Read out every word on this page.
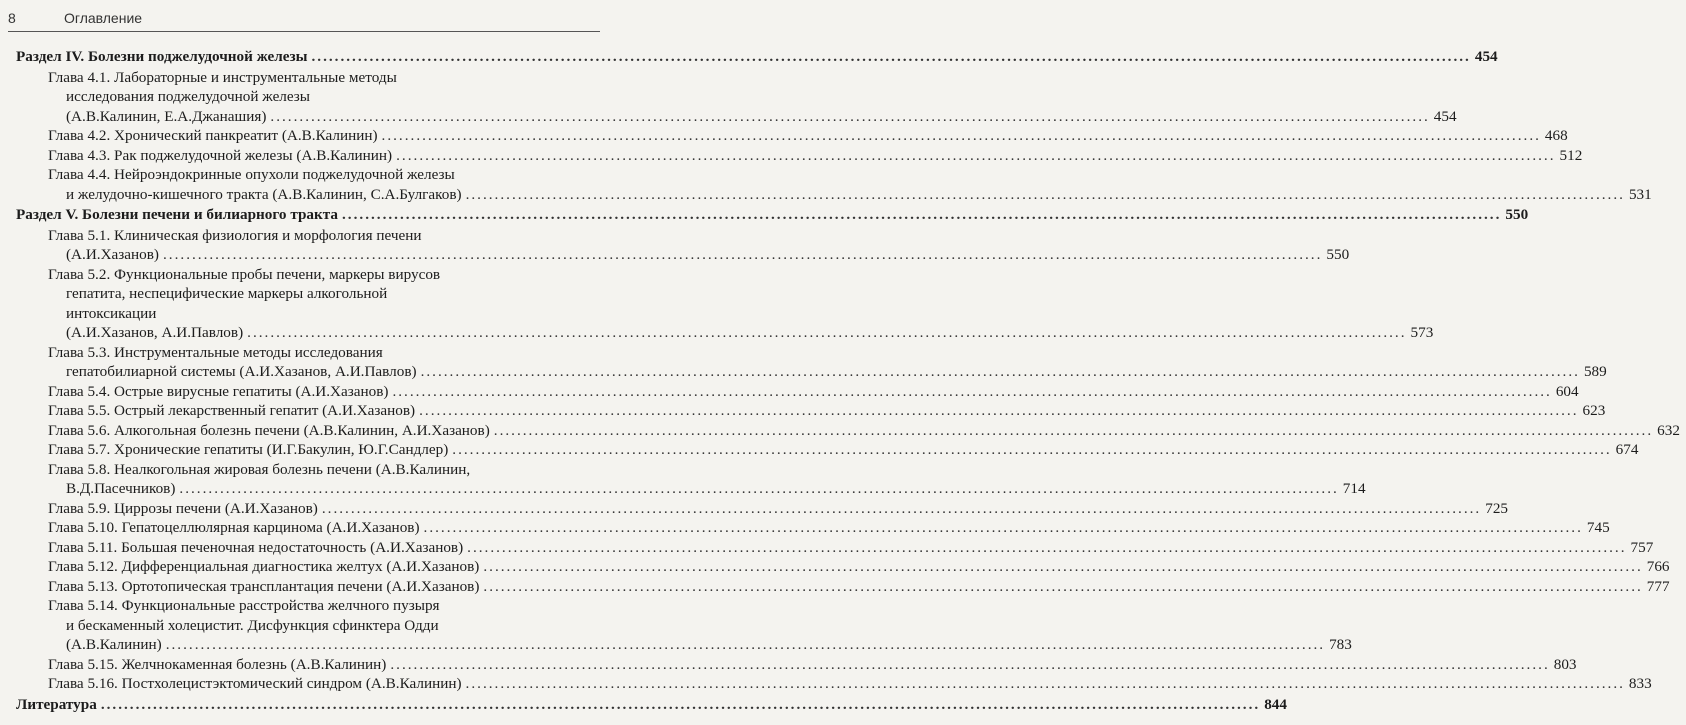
8	Оглавление
Раздел IV. Болезни поджелудочной железы ........................................................................................................................................................................................................ 454
Глава 4.1. Лабораторные и инструментальные методы
исследования поджелудочной железы
(А.В.Калинин, Е.А.Джанашия) ........................................................................................................................................................................................................ 454
Глава 4.2. Хронический панкреатит (А.В.Калинин) ........................................................................................................................................................................................................ 468
Глава 4.3. Рак поджелудочной железы (А.В.Калинин) ........................................................................................................................................................................................................ 512
Глава 4.4. Нейроэндокринные опухоли поджелудочной железы
и желудочно-кишечного тракта (А.В.Калинин, С.А.Булгаков) ........................................................................................................................................................................................................ 531
Раздел V. Болезни печени и билиарного тракта ........................................................................................................................................................................................................ 550
Глава 5.1. Клиническая физиология и морфология печени
(А.И.Хазанов) ........................................................................................................................................................................................................ 550
Глава 5.2. Функциональные пробы печени, маркеры вирусов
гепатита, неспецифические маркеры алкогольной
интоксикации
(А.И.Хазанов, А.И.Павлов) ........................................................................................................................................................................................................ 573
Глава 5.3. Инструментальные методы исследования
гепатобилиарной системы (А.И.Хазанов, А.И.Павлов) ........................................................................................................................................................................................................ 589
Глава 5.4. Острые вирусные гепатиты (А.И.Хазанов) ........................................................................................................................................................................................................ 604
Глава 5.5. Острый лекарственный гепатит (А.И.Хазанов) ........................................................................................................................................................................................................ 623
Глава 5.6. Алкогольная болезнь печени (А.В.Калинин, А.И.Хазанов) ........................................................................................................................................................................................................ 632
Глава 5.7. Хронические гепатиты (И.Г.Бакулин, Ю.Г.Сандлер) ........................................................................................................................................................................................................ 674
Глава 5.8. Неалкогольная жировая болезнь печени (А.В.Калинин,
В.Д.Пасечников) ........................................................................................................................................................................................................ 714
Глава 5.9. Циррозы печени (А.И.Хазанов) ........................................................................................................................................................................................................ 725
Глава 5.10. Гепатоцеллюлярная карцинома (А.И.Хазанов) ........................................................................................................................................................................................................ 745
Глава 5.11. Большая печеночная недостаточность (А.И.Хазанов) ........................................................................................................................................................................................................ 757
Глава 5.12. Дифференциальная диагностика желтух (А.И.Хазанов) ........................................................................................................................................................................................................ 766
Глава 5.13. Ортотопическая трансплантация печени (А.И.Хазанов) ........................................................................................................................................................................................................ 777
Глава 5.14. Функциональные расстройства желчного пузыря
и бескаменный холецистит. Дисфункция сфинктера Одди
(А.В.Калинин) ........................................................................................................................................................................................................ 783
Глава 5.15. Желчнокаменная болезнь (А.В.Калинин) ........................................................................................................................................................................................................ 803
Глава 5.16. Постхолецистэктомический синдром (А.В.Калинин) ........................................................................................................................................................................................................ 833
Литература ........................................................................................................................................................................................................ 844
